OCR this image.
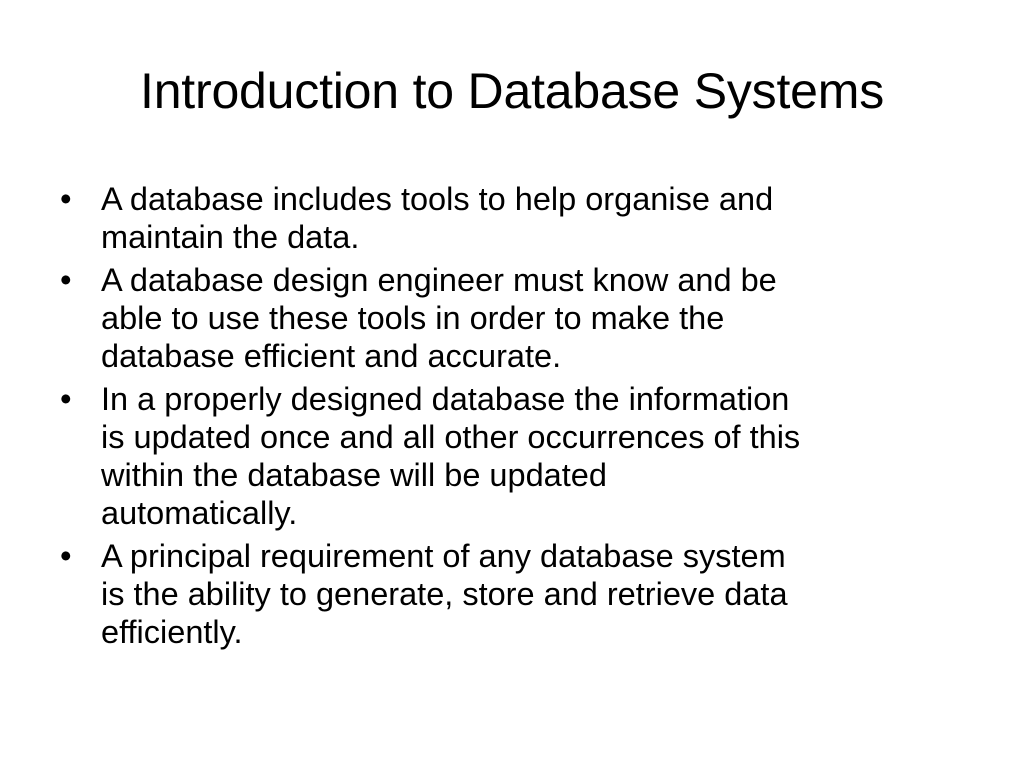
Introduction to Database Systems
• A database includes tools to help organise and
maintain the data.
• A database design engineer must know and be
able to use these tools in order to make the
database efficient and accurate.
• In a properly designed database the information
is updated once and all other occurrences of this
within the database will be updated
automatically.
• A principal requirement of any database system
is the ability to generate, store and retrieve data
efficiently.
